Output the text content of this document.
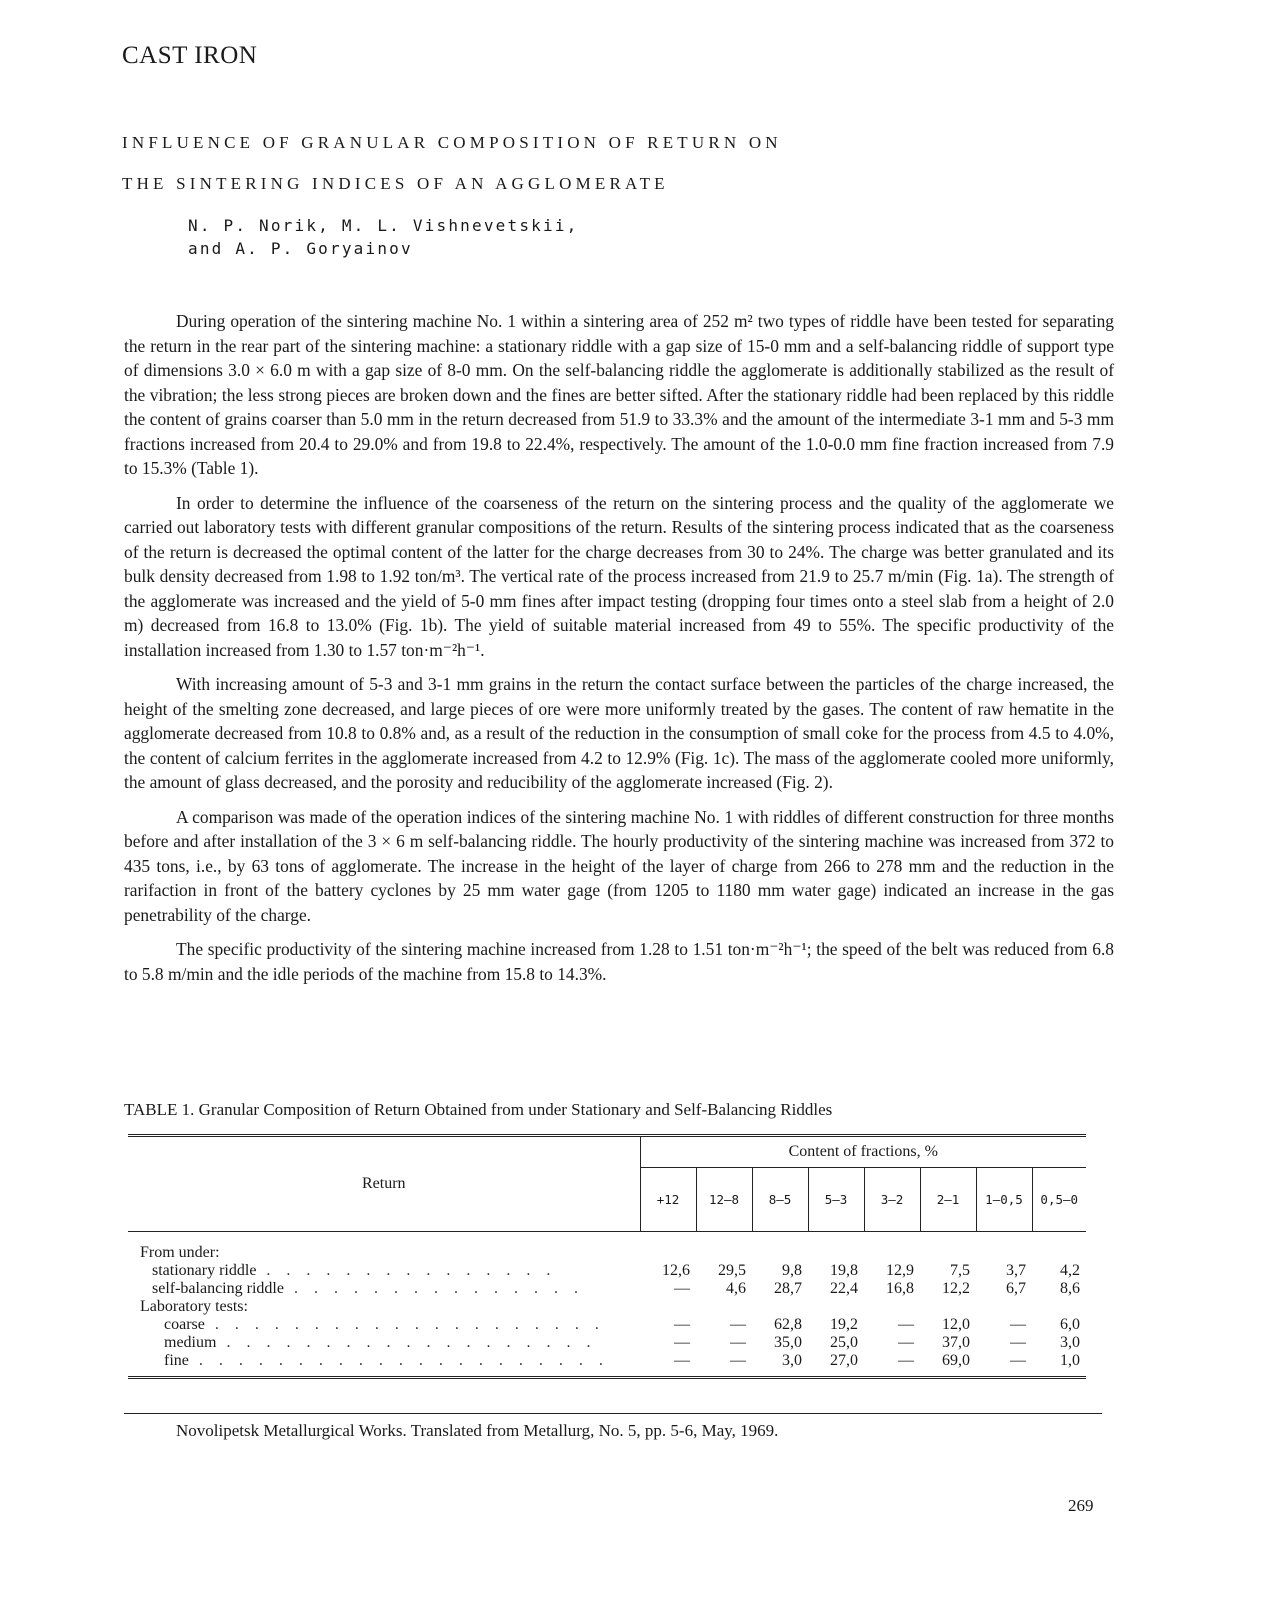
CAST IRON
INFLUENCE OF GRANULAR COMPOSITION OF RETURN ON
THE SINTERING INDICES OF AN AGGLOMERATE
N. P. Norik, M. L. Vishnevetskii,
and A. P. Goryainov

During operation of the sintering machine No. 1 within a sintering area of 252 m² two types of riddle have been tested for separating the return in the rear part of the sintering machine: a stationary riddle with a gap size of 15-0 mm and a self-balancing riddle of support type of dimensions 3.0 × 6.0 m with a gap size of 8-0 mm. On the self-balancing riddle the agglomerate is additionally stabilized as the result of the vibration; the less strong pieces are broken down and the fines are better sifted. After the stationary riddle had been replaced by this riddle the content of grains coarser than 5.0 mm in the return decreased from 51.9 to 33.3% and the amount of the intermediate 3-1 mm and 5-3 mm fractions increased from 20.4 to 29.0% and from 19.8 to 22.4%, respectively. The amount of the 1.0-0.0 mm fine fraction increased from 7.9 to 15.3% (Table 1).

In order to determine the influence of the coarseness of the return on the sintering process and the quality of the agglomerate we carried out laboratory tests with different granular compositions of the return. Results of the sintering process indicated that as the coarseness of the return is decreased the optimal content of the latter for the charge decreases from 30 to 24%. The charge was better granulated and its bulk density decreased from 1.98 to 1.92 ton/m³. The vertical rate of the process increased from 21.9 to 25.7 m/min (Fig. 1a). The strength of the agglomerate was increased and the yield of 5-0 mm fines after impact testing (dropping four times onto a steel slab from a height of 2.0 m) decreased from 16.8 to 13.0% (Fig. 1b). The yield of suitable material increased from 49 to 55%. The specific productivity of the installation increased from 1.30 to 1.57 ton·m⁻²h⁻¹.

With increasing amount of 5-3 and 3-1 mm grains in the return the contact surface between the particles of the charge increased, the height of the smelting zone decreased, and large pieces of ore were more uniformly treated by the gases. The content of raw hematite in the agglomerate decreased from 10.8 to 0.8% and, as a result of the reduction in the consumption of small coke for the process from 4.5 to 4.0%, the content of calcium ferrites in the agglomerate increased from 4.2 to 12.9% (Fig. 1c). The mass of the agglomerate cooled more uniformly, the amount of glass decreased, and the porosity and reducibility of the agglomerate increased (Fig. 2).

A comparison was made of the operation indices of the sintering machine No. 1 with riddles of different construction for three months before and after installation of the 3 × 6 m self-balancing riddle. The hourly productivity of the sintering machine was increased from 372 to 435 tons, i.e., by 63 tons of agglomerate. The increase in the height of the layer of charge from 266 to 278 mm and the reduction in the rarifaction in front of the battery cyclones by 25 mm water gage (from 1205 to 1180 mm water gage) indicated an increase in the gas penetrability of the charge.

The specific productivity of the sintering machine increased from 1.28 to 1.51 ton·m⁻²h⁻¹; the speed of the belt was reduced from 6.8 to 5.8 m/min and the idle periods of the machine from 15.8 to 14.3%.

TABLE 1. Granular Composition of Return Obtained from under Stationary and Self-Balancing Riddles
Return	Content of fractions, %							
	+12	12—8	8—5	5—3	3—2	2—1	1—0,5	0,5—0

From under:								
stationary riddle . . . . . . . . . . . . . . .	12,6	29,5	9,8	19,8	12,9	7,5	3,7	4,2
self-balancing riddle . . . . . . . . . . . . . . .	—	4,6	28,7	22,4	16,8	12,2	6,7	8,6
Laboratory tests:								
coarse . . . . . . . . . . . . . . . . . . . .	—	—	62,8	19,2	—	12,0	—	6,0
medium . . . . . . . . . . . . . . . . . . .	—	—	35,0	25,0	—	37,0	—	3,0
fine . . . . . . . . . . . . . . . . . . . . .	—	—	3,0	27,0	—	69,0	—	1,0

Novolipetsk Metallurgical Works. Translated from Metallurg, No. 5, pp. 5-6, May, 1969.
269
